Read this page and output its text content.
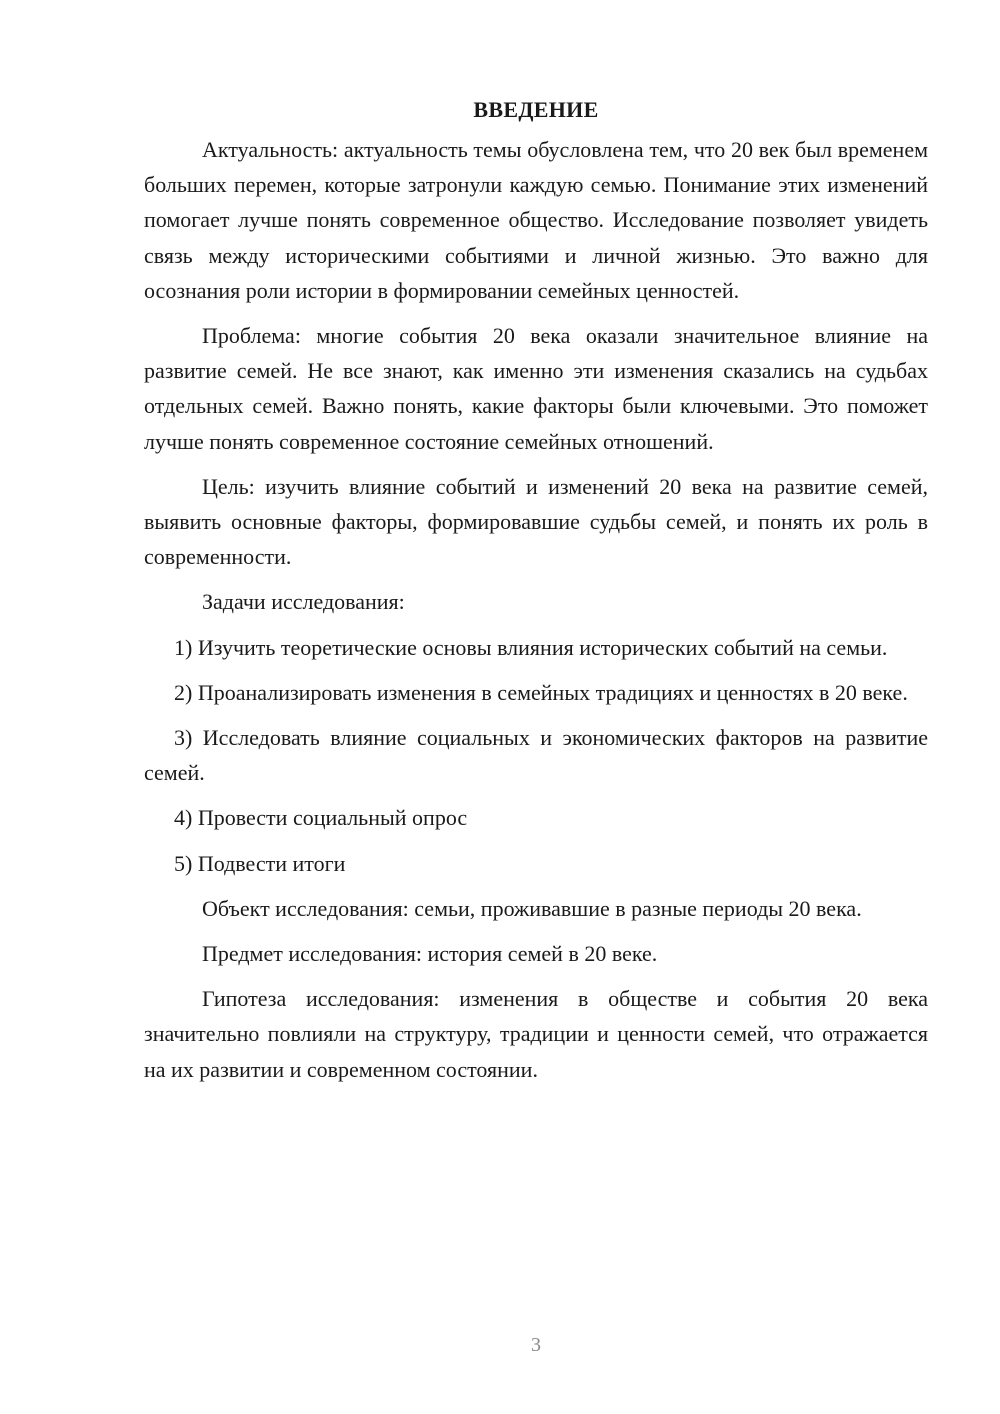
ВВЕДЕНИЕ

Актуальность: актуальность темы обусловлена тем, что 20 век был временем больших перемен, которые затронули каждую семью. Понимание этих изменений помогает лучше понять современное общество. Исследование позволяет увидеть связь между историческими событиями и личной жизнью. Это важно для осознания роли истории в формировании семейных ценностей.

Проблема: многие события 20 века оказали значительное влияние на развитие семей. Не все знают, как именно эти изменения сказались на судьбах отдельных семей. Важно понять, какие факторы были ключевыми. Это поможет лучше понять современное состояние семейных отношений.

Цель: изучить влияние событий и изменений 20 века на развитие семей, выявить основные факторы, формировавшие судьбы семей, и понять их роль в современности.

Задачи исследования:

1) Изучить теоретические основы влияния исторических событий на семьи.

2) Проанализировать изменения в семейных традициях и ценностях в 20 веке.

3) Исследовать влияние социальных и экономических факторов на развитие семей.

4) Провести социальный опрос

5) Подвести итоги

Объект исследования: семьи, проживавшие в разные периоды 20 века.

Предмет исследования: история семей в 20 веке.

Гипотеза исследования: изменения в обществе и события 20 века значительно повлияли на структуру, традиции и ценности семей, что отражается на их развитии и современном состоянии.

3
